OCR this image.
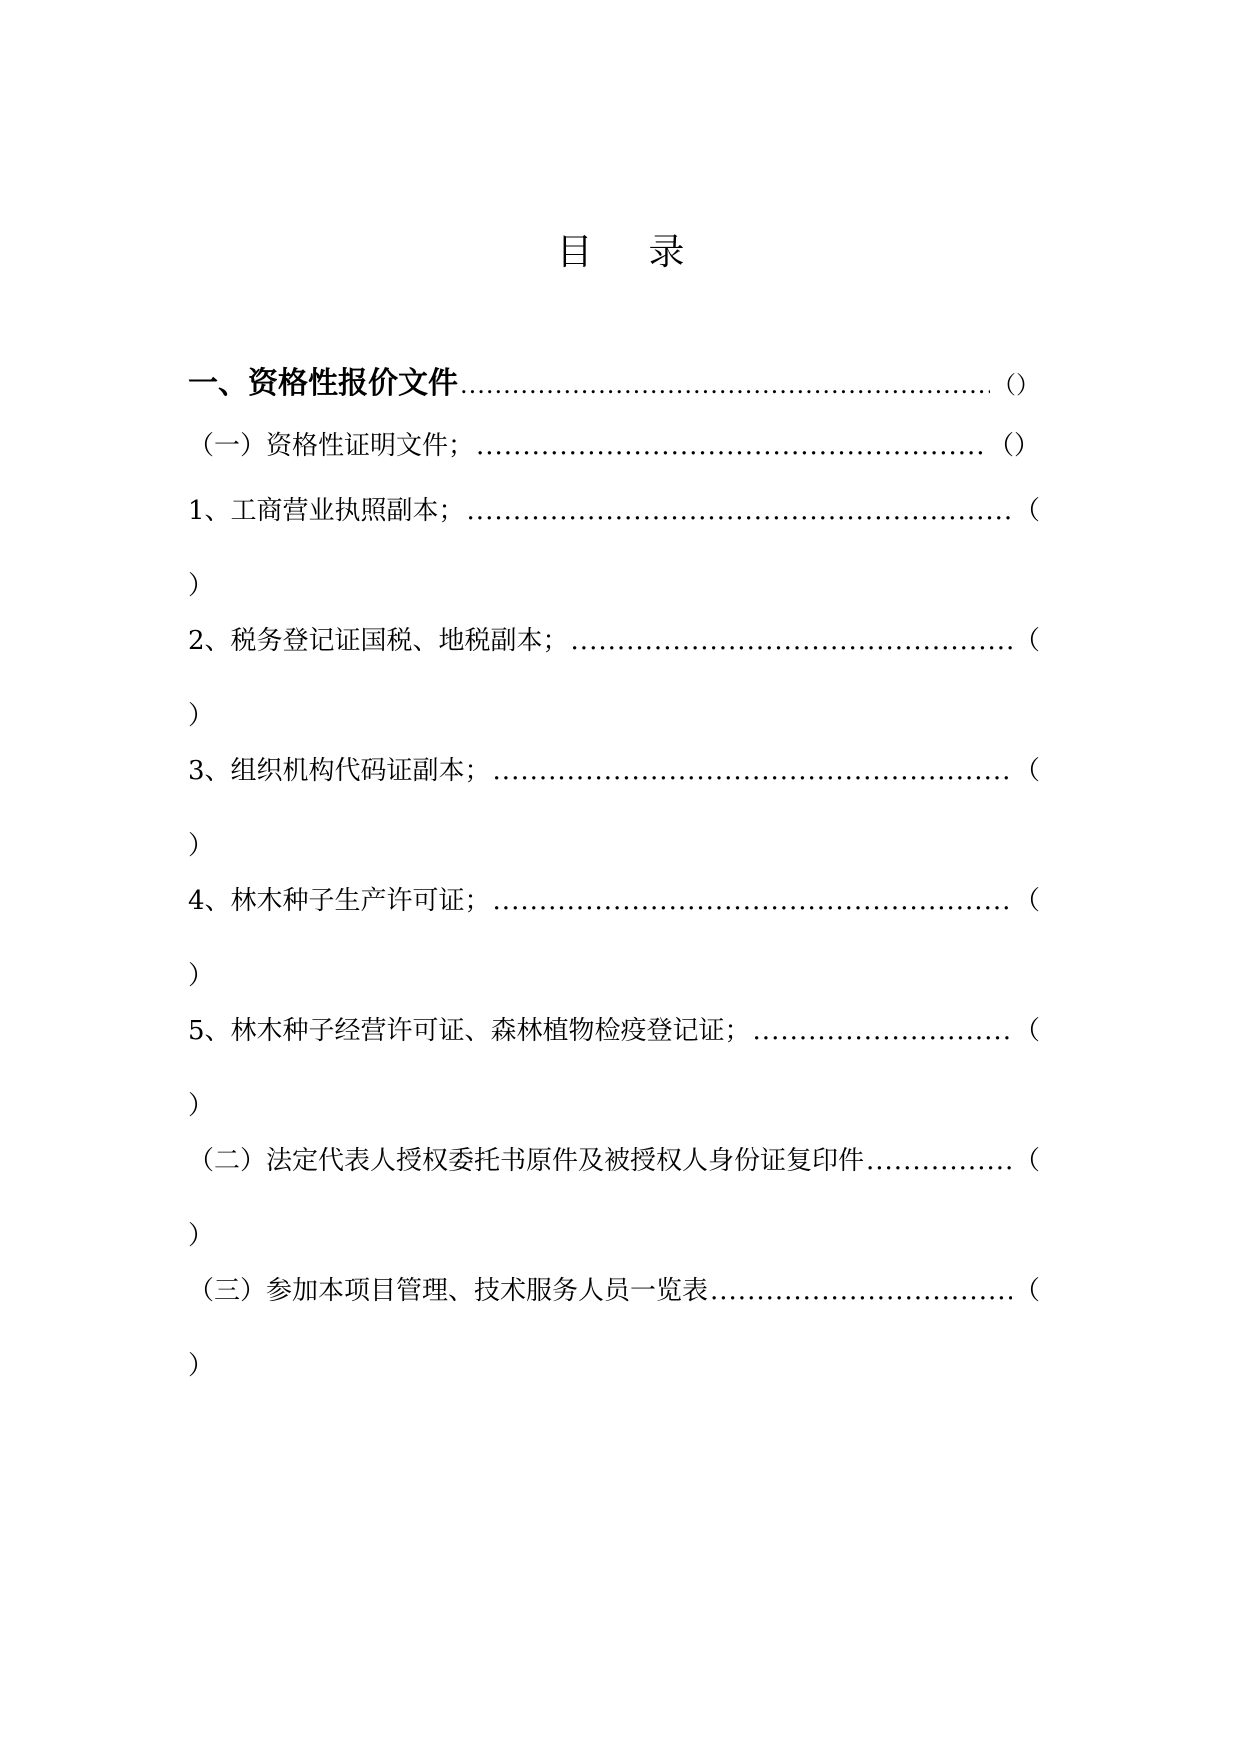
目 录
一、资格性报价文件 .....	（）
（一）资格性证明文件； .....	（）
1、工商营业执照副本； .....	（
）
2、税务登记证国税、地税副本； .....	（
）
3、组织机构代码证副本； .....	（
）
4、林木种子生产许可证； .....	（
）
5、林木种子经营许可证、森林植物检疫登记证； .....	（
）
（二）法定代表人授权委托书原件及被授权人身份证复印件 .....	（
）
（三）参加本项目管理、技术服务人员一览表 .....	（
）
